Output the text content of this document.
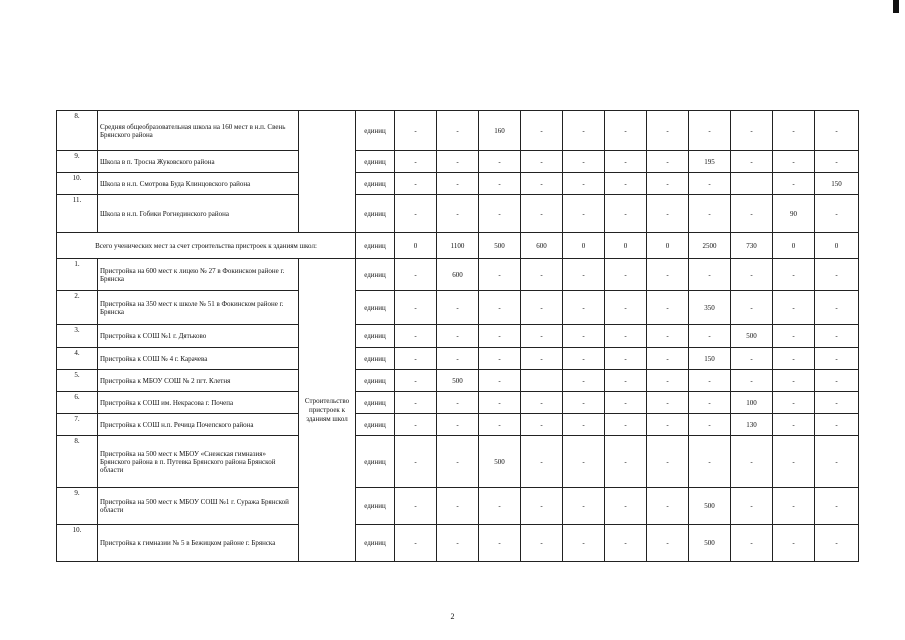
8.	Средняя общеобразовательная школа на 160 мест в н.п. Свень Брянского района		единиц	-	-	160	-	-	-	-	-	-	-	-
9.	Школа в п. Тросна Жуковского района		единиц	-	-	-	-	-	-	-	195	-	-	-
10.	Школа в н.п. Смотрова Буда Клинцовского района		единиц	-	-	-	-	-	-	-	-		-	150
11.	Школа в н.п. Гобики Рогнединского района		единиц	-	-	-	-	-	-	-	-	-	90	-
Всего ученических мест за счет строительства пристроек к зданиям школ:			единиц	0	1100	500	600	0	0	0	2500	730	0	0
1.	Пристройка на 600 мест к лицею № 27 в Фокинском районе г. Брянска	Строительство пристроек к зданиям школ	единиц	-	600	-	-	-	-	-	-	-	-	-
2.	Пристройка на 350 мест к школе № 51 в Фокинском районе г. Брянска		единиц	-	-	-	-	-	-	-	350	-	-	-
3.	Пристройка к СОШ №1 г. Дятьково		единиц	-	-	-	-	-	-	-	-	500	-	-
4.	Пристройка к СОШ № 4 г. Карачева		единиц	-	-	-	-	-	-	-	150	-	-	-
5.	Пристройка к МБОУ СОШ № 2 пгт. Клетня		единиц	-	500	-		-	-	-	-	-	-	-
6.	Пристройка к СОШ им. Некрасова г. Почепа		единиц	-	-	-	-	-	-	-	-	100	-	-
7.	Пристройка к СОШ н.п. Речица Почепского района		единиц	-	-	-	-	-	-	-	-	130	-	-
8.	Пристройка на 500 мест к МБОУ «Снежская гимназия» Брянского района в п. Путевка Брянского района Брянской области		единиц	-	-	500	-	-	-	-	-	-	-	-
9.	Пристройка на 500 мест к МБОУ СОШ №1 г. Суража Брянской области		единиц	-	-	-	-	-	-	-	500	-	-	-
10.	Пристройка к гимназии № 5 в Бежицком районе г. Брянска		единиц	-	-	-	-	-	-	-	500	-	-	-
2
